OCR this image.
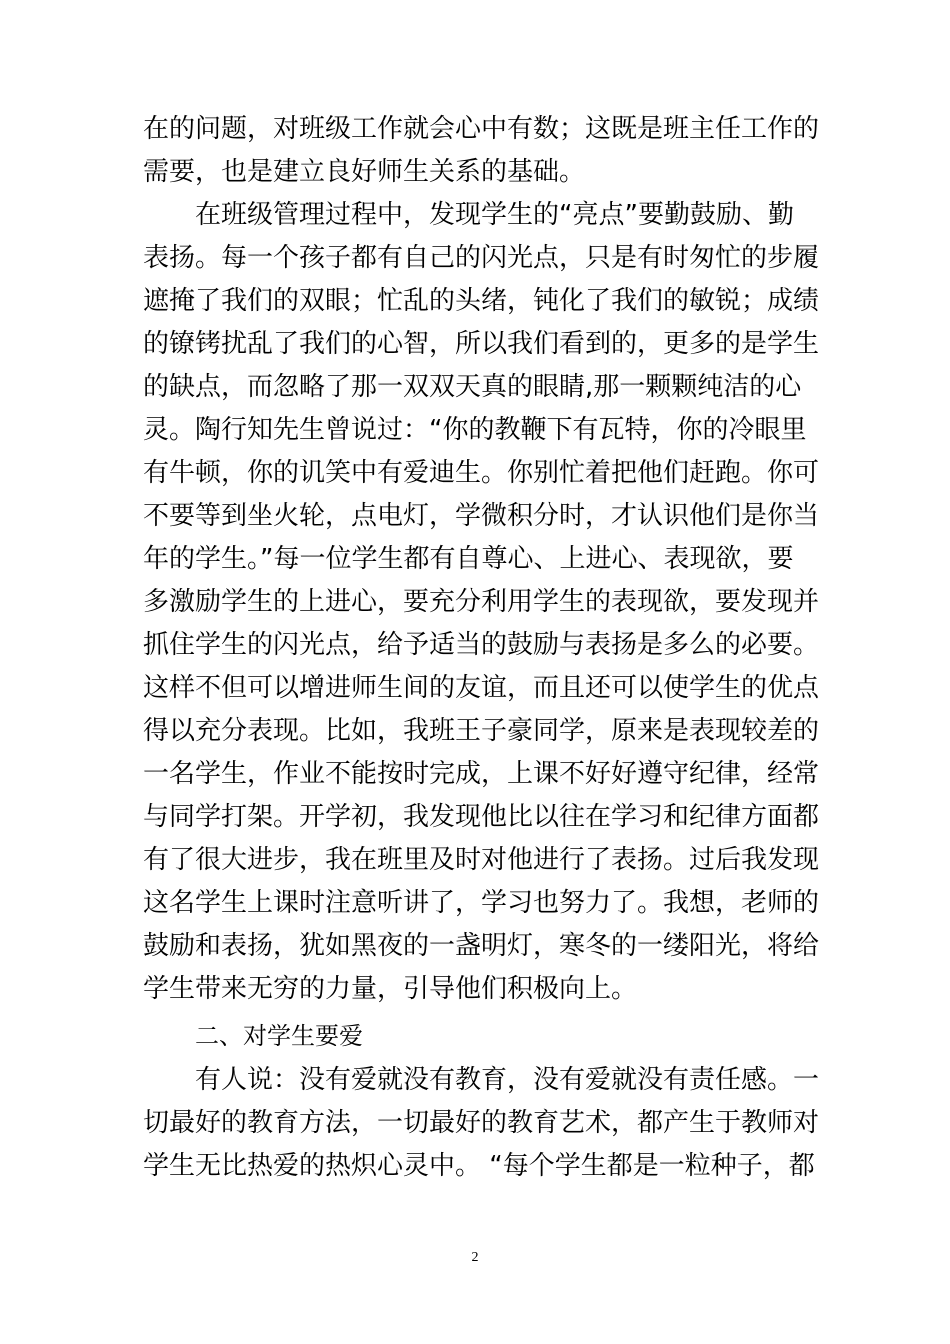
在的问题，对班级工作就会心中有数；这既是班主任工作的
需要，也是建立良好师生关系的基础。
在班级管理过程中，发现学生的“亮点”要勤鼓励、勤
表扬。每一个孩子都有自己的闪光点，只是有时匆忙的步履
遮掩了我们的双眼；忙乱的头绪，钝化了我们的敏锐；成绩
的镣铐扰乱了我们的心智，所以我们看到的，更多的是学生
的缺点，而忽略了那一双双天真的眼睛,那一颗颗纯洁的心
灵。陶行知先生曾说过：“你的教鞭下有瓦特，你的冷眼里
有牛顿，你的讥笑中有爱迪生。你别忙着把他们赶跑。你可
不要等到坐火轮，点电灯，学微积分时，才认识他们是你当
年的学生。”每一位学生都有自尊心、上进心、表现欲，要
多激励学生的上进心，要充分利用学生的表现欲，要发现并
抓住学生的闪光点，给予适当的鼓励与表扬是多么的必要。
这样不但可以增进师生间的友谊，而且还可以使学生的优点
得以充分表现。比如，我班王子豪同学，原来是表现较差的
一名学生，作业不能按时完成，上课不好好遵守纪律，经常
与同学打架。开学初，我发现他比以往在学习和纪律方面都
有了很大进步，我在班里及时对他进行了表扬。过后我发现
这名学生上课时注意听讲了，学习也努力了。我想，老师的
鼓励和表扬，犹如黑夜的一盏明灯，寒冬的一缕阳光，将给
学生带来无穷的力量，引导他们积极向上。
二、对学生要爱
有人说：没有爱就没有教育，没有爱就没有责任感。一
切最好的教育方法，一切最好的教育艺术，都产生于教师对
学生无比热爱的热炽心灵中。 “每个学生都是一粒种子，都
2
